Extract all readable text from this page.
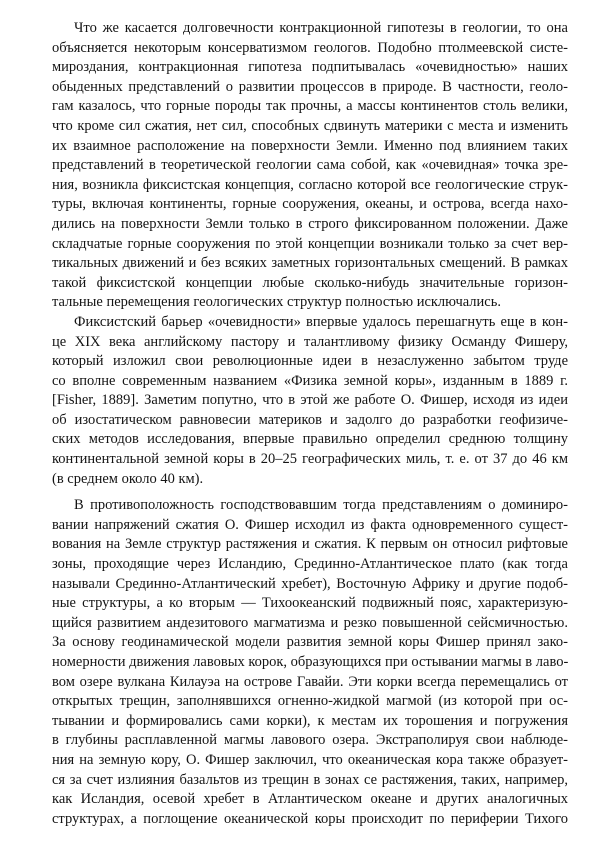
Что же касается долговечности контракционной гипотезы в геологии, то она
объясняется некоторым консерватизмом геологов. Подобно птолмеевской систе-
мироздания, контракционная гипотеза подпитывалась «очевидностью» наших
обыденных представлений о развитии процессов в природе. В частности, геоло-
гам казалось, что горные породы так прочны, а массы континентов столь велики,
что кроме сил сжатия, нет сил, способных сдвинуть материки с места и изменить
их взаимное расположение на поверхности Земли. Именно под влиянием таких
представлений в теоретической геологии сама собой, как «очевидная» точка зре-
ния, возникла фиксистская концепция, согласно которой все геологические струк-
туры, включая континенты, горные сооружения, океаны, и острова, всегда нахо-
дились на поверхности Земли только в строго фиксированном положении. Даже
складчатые горные сооружения по этой концепции возникали только за счет вер-
тикальных движений и без всяких заметных горизонтальных смещений. В рамках
такой фиксистской концепции любые сколько-нибудь значительные горизон-
тальные перемещения геологических структур полностью исключались.

Фиксистский барьер «очевидности» впервые удалось перешагнуть еще в кон-
це XIX века английскому пастору и талантливому физику Османду Фишеру,
который изложил свои революционные идеи в незаслуженно забытом труде
со вполне современным названием «Физика земной коры», изданным в 1889 г.
[Fisher, 1889]. Заметим попутно, что в этой же работе О. Фишер, исходя из идеи
об изостатическом равновесии материков и задолго до разработки геофизиче-
ских методов исследования, впервые правильно определил среднюю толщину
континентальной земной коры в 20–25 географических миль, т. е. от 37 до 46 км
(в среднем около 40 км).

В противоположность господствовавшим тогда представлениям о доминиро-
вании напряжений сжатия О. Фишер исходил из факта одновременного сущест-
вования на Земле структур растяжения и сжатия. К первым он относил рифтовые
зоны, проходящие через Исландию, Срединно-Атлантическое плато (как тогда
называли Срединно-Атлантический хребет), Восточную Африку и другие подоб-
ные структуры, а ко вторым — Тихоокеанский подвижный пояс, характеризую-
щийся развитием андезитового магматизма и резко повышенной сейсмичностью.
За основу геодинамической модели развития земной коры Фишер принял зако-
номерности движения лавовых корок, образующихся при остывании магмы в лаво-
вом озере вулкана Килауэа на острове Гавайи. Эти корки всегда перемещались от
открытых трещин, заполнявшихся огненно-жидкой магмой (из которой при ос-
тывании и формировались сами корки), к местам их торошения и погружения
в глубины расплавленной магмы лавового озера. Экстраполируя свои наблюде-
ния на земную кору, О. Фишер заключил, что океаническая кора также образует-
ся за счет излияния базальтов из трещин в зонах се растяжения, таких, например,
как Исландия, осевой хребет в Атлантическом океане и других аналогичных
структурах, а поглощение океанической коры происходит по периферии Тихого
